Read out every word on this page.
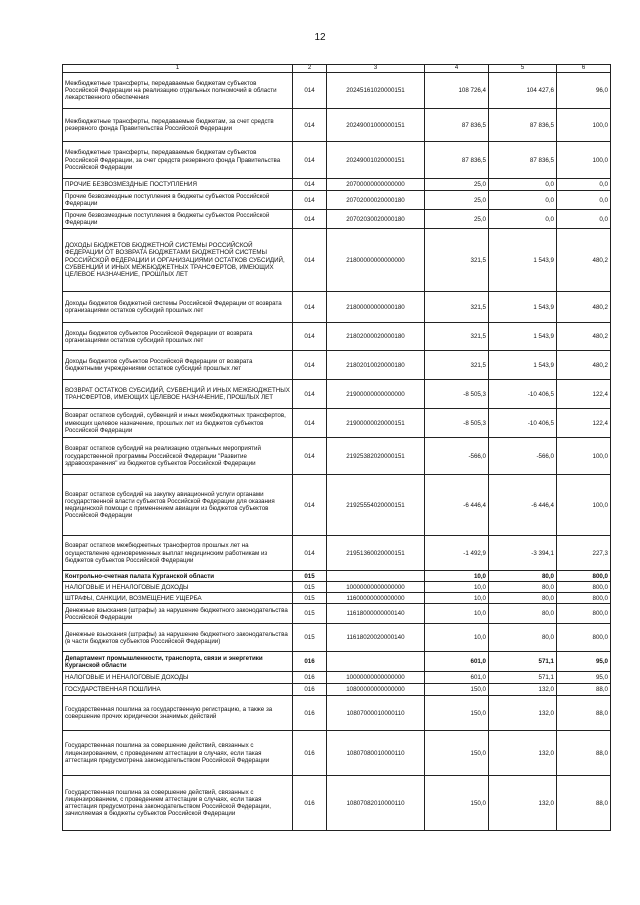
12
1	2	3	4	5	6
Межбюджетные трансферты, передаваемые бюджетам субъектов Российской Федерации на реализацию отдельных полномочий в области лекарственного обеспечения	014	20245161020000151	108 726,4	104 427,6	96,0
Межбюджетные трансферты, передаваемые бюджетам, за счет средств резервного фонда Правительства Российской Федерации	014	20249001000000151	87 836,5	87 836,5	100,0
Межбюджетные трансферты, передаваемые бюджетам субъектов Российской Федерации, за счет средств резервного фонда Правительства Российской Федерации	014	20249001020000151	87 836,5	87 836,5	100,0
ПРОЧИЕ БЕЗВОЗМЕЗДНЫЕ ПОСТУПЛЕНИЯ	014	20700000000000000	25,0	0,0	0,0
Прочие безвозмездные поступления в бюджеты субъектов Российской Федерации	014	20702000020000180	25,0	0,0	0,0
Прочие безвозмездные поступления в бюджеты субъектов Российской Федерации	014	20702030020000180	25,0	0,0	0,0
ДОХОДЫ БЮДЖЕТОВ БЮДЖЕТНОЙ СИСТЕМЫ РОССИЙСКОЙ ФЕДЕРАЦИИ ОТ ВОЗВРАТА БЮДЖЕТАМИ БЮДЖЕТНОЙ СИСТЕМЫ РОССИЙСКОЙ ФЕДЕРАЦИИ И ОРГАНИЗАЦИЯМИ ОСТАТКОВ СУБСИДИЙ, СУБВЕНЦИЙ И ИНЫХ МЕЖБЮДЖЕТНЫХ ТРАНСФЕРТОВ, ИМЕЮЩИХ ЦЕЛЕВОЕ НАЗНАЧЕНИЕ, ПРОШЛЫХ ЛЕТ	014	21800000000000000	321,5	1 543,9	480,2
Доходы бюджетов бюджетной системы Российской Федерации от возврата организациями остатков субсидий прошлых лет	014	21800000000000180	321,5	1 543,9	480,2
Доходы бюджетов субъектов Российской Федерации от возврата организациями остатков субсидий прошлых лет	014	21802000020000180	321,5	1 543,9	480,2
Доходы бюджетов субъектов Российской Федерации от возврата бюджетными учреждениями остатков субсидий прошлых лет	014	21802010020000180	321,5	1 543,9	480,2
ВОЗВРАТ ОСТАТКОВ СУБСИДИЙ, СУБВЕНЦИЙ И ИНЫХ МЕЖБЮДЖЕТНЫХ ТРАНСФЕРТОВ, ИМЕЮЩИХ ЦЕЛЕВОЕ НАЗНАЧЕНИЕ, ПРОШЛЫХ ЛЕТ	014	21900000000000000	-8 505,3	-10 406,5	122,4
Возврат остатков субсидий, субвенций и иных межбюджетных трансфертов, имеющих целевое назначение, прошлых лет из бюджетов субъектов Российской Федерации	014	21900000020000151	-8 505,3	-10 406,5	122,4
Возврат остатков субсидий на реализацию отдельных мероприятий государственной программы Российской Федерации "Развитие здравоохранения" из бюджетов субъектов Российской Федерации	014	21925382020000151	-566,0	-566,0	100,0
Возврат остатков субсидий на закупку авиационной услуги органами государственной власти субъектов Российской Федерации для оказания медицинской помощи с применением авиации из бюджетов субъектов Российской Федерации	014	21925554020000151	-6 446,4	-6 446,4	100,0
Возврат остатков межбюджетных трансфертов прошлых лет на осуществление единовременных выплат медицинским работникам из бюджетов субъектов Российской Федерации	014	21951360020000151	-1 492,9	-3 394,1	227,3
Контрольно-счетная палата Курганской области	015		10,0	80,0	800,0
НАЛОГОВЫЕ И НЕНАЛОГОВЫЕ ДОХОДЫ	015	10000000000000000	10,0	80,0	800,0
ШТРАФЫ, САНКЦИИ, ВОЗМЕЩЕНИЕ УЩЕРБА	015	11600000000000000	10,0	80,0	800,0
Денежные взыскания (штрафы) за нарушение бюджетного законодательства Российской Федерации	015	11618000000000140	10,0	80,0	800,0
Денежные взыскания (штрафы) за нарушение бюджетного законодательства (в части бюджетов субъектов Российской Федерации)	015	11618020020000140	10,0	80,0	800,0
Департамент промышленности, транспорта, связи и энергетики Курганской области	016		601,0	571,1	95,0
НАЛОГОВЫЕ И НЕНАЛОГОВЫЕ ДОХОДЫ	016	10000000000000000	601,0	571,1	95,0
ГОСУДАРСТВЕННАЯ ПОШЛИНА	016	10800000000000000	150,0	132,0	88,0
Государственная пошлина за государственную регистрацию, а также за совершение прочих юридически значимых действий	016	10807000010000110	150,0	132,0	88,0
Государственная пошлина за совершение действий, связанных с лицензированием, с проведением аттестации в случаях, если такая аттестация предусмотрена законодательством Российской Федерации	016	10807080010000110	150,0	132,0	88,0
Государственная пошлина за совершение действий, связанных с лицензированием, с проведением аттестации в случаях, если такая аттестация предусмотрена законодательством Российской Федерации, зачисляемая в бюджеты субъектов Российской Федерации	016	10807082010000110	150,0	132,0	88,0
